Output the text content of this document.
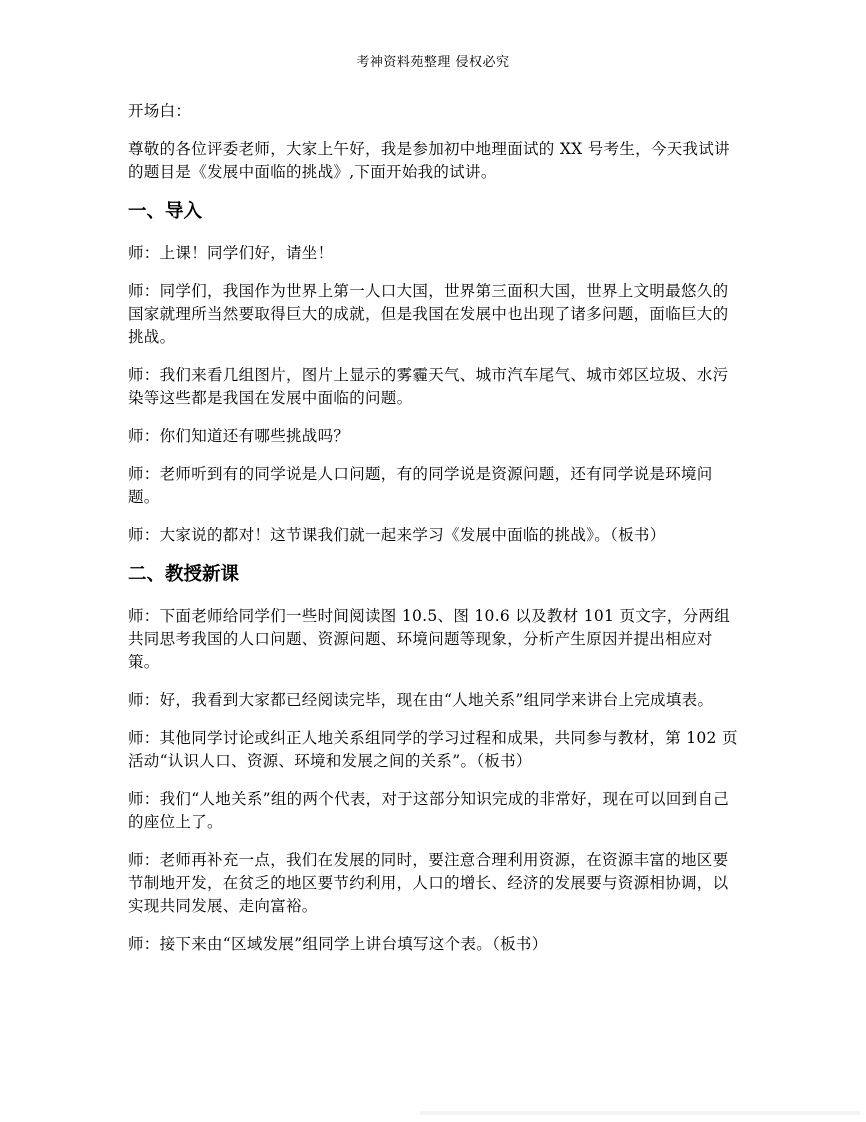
考神资料苑整理 侵权必究

开场白：

尊敬的各位评委老师，大家上午好，我是参加初中地理面试的 XX 号考生，今天我试讲的题目是《发展中面临的挑战》,下面开始我的试讲。

一、导入

师：上课！同学们好，请坐！

师：同学们，我国作为世界上第一人口大国，世界第三面积大国，世界上文明最悠久的国家就理所当然要取得巨大的成就，但是我国在发展中也出现了诸多问题，面临巨大的挑战。

师：我们来看几组图片，图片上显示的雾霾天气、城市汽车尾气、城市郊区垃圾、水污染等这些都是我国在发展中面临的问题。

师：你们知道还有哪些挑战吗？

师：老师听到有的同学说是人口问题，有的同学说是资源问题，还有同学说是环境问题。

师：大家说的都对！这节课我们就一起来学习《发展中面临的挑战》。（板书）

二、教授新课

师：下面老师给同学们一些时间阅读图 10.5、图 10.6 以及教材 101 页文字，分两组共同思考我国的人口问题、资源问题、环境问题等现象，分析产生原因并提出相应对策。

师：好，我看到大家都已经阅读完毕，现在由“人地关系”组同学来讲台上完成填表。

师：其他同学讨论或纠正人地关系组同学的学习过程和成果，共同参与教材，第 102 页活动“认识人口、资源、环境和发展之间的关系”。（板书）

师：我们“人地关系”组的两个代表，对于这部分知识完成的非常好，现在可以回到自己的座位上了。

师：老师再补充一点，我们在发展的同时，要注意合理利用资源，在资源丰富的地区要节制地开发，在贫乏的地区要节约利用，人口的增长、经济的发展要与资源相协调，以实现共同发展、走向富裕。

师：接下来由“区域发展”组同学上讲台填写这个表。（板书）
